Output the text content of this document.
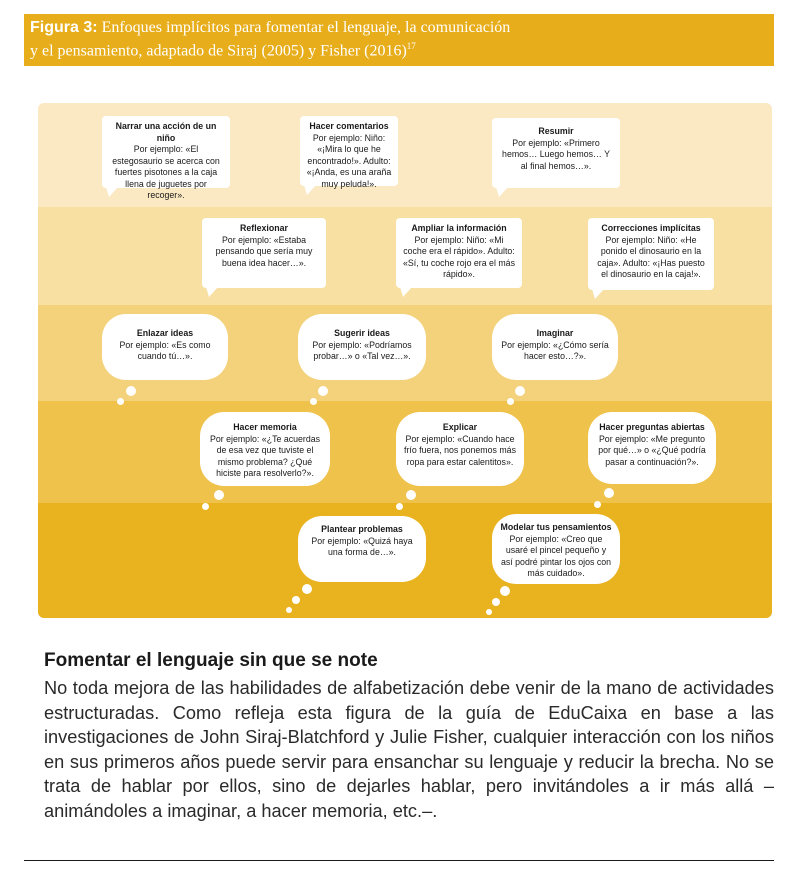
Figura 3: Enfoques implícitos para fomentar el lenguaje, la comunicación
y el pensamiento, adaptado de Siraj (2005) y Fisher $(2016)^{17}$
Narrar una acción de un niño
Por ejemplo: «El estegosaurio se acerca con fuertes pisotones a la caja llena de juguetes por recoger».
Hacer comentarios
Por ejemplo: Niño: «¡Mira lo que he encontrado!». Adulto: «¡Anda, es una araña muy peluda!».
Resumir
Por ejemplo: «Primero hemos… Luego hemos… Y al final hemos…».
Reflexionar
Por ejemplo: «Estaba pensando que sería muy buena idea hacer…».
Ampliar la información
Por ejemplo: Niño: «Mi coche era el rápido». Adulto: «Sí, tu coche rojo era el más rápido».
Correcciones implícitas
Por ejemplo: Niño: «He ponido el dinosaurio en la caja». Adulto: «¡Has puesto el dinosaurio en la caja!».
Enlazar ideas
Por ejemplo: «Es como cuando tú…».
Sugerir ideas
Por ejemplo: «Podríamos probar…» o «Tal vez…».
Imaginar
Por ejemplo: «¿Cómo sería hacer esto…?».
Hacer memoria
Por ejemplo: «¿Te acuerdas de esa vez que tuviste el mismo problema? ¿Qué hiciste para resolverlo?».
Explicar
Por ejemplo: «Cuando hace frío fuera, nos ponemos más ropa para estar calentitos».
Hacer preguntas abiertas
Por ejemplo: «Me pregunto por qué…» o «¿Qué podría pasar a continuación?».
Plantear problemas
Por ejemplo: «Quizá haya una forma de…».
Modelar tus pensamientos
Por ejemplo: «Creo que usaré el pincel pequeño y así podré pintar los ojos con más cuidado».
Fomentar el lenguaje sin que se note

No toda mejora de las habilidades de alfabetización debe venir de la mano de actividades estructuradas. Como refleja esta figura de la guía de EduCaixa en base a las investigaciones de John Siraj-Blatchford y Julie Fisher, cualquier interacción con los niños en sus primeros años puede servir para ensanchar su lenguaje y reducir la brecha. No se trata de hablar por ellos, sino de dejarles hablar, pero invitándoles a ir más allá –animándoles a imaginar, a hacer memoria, etc.–.
